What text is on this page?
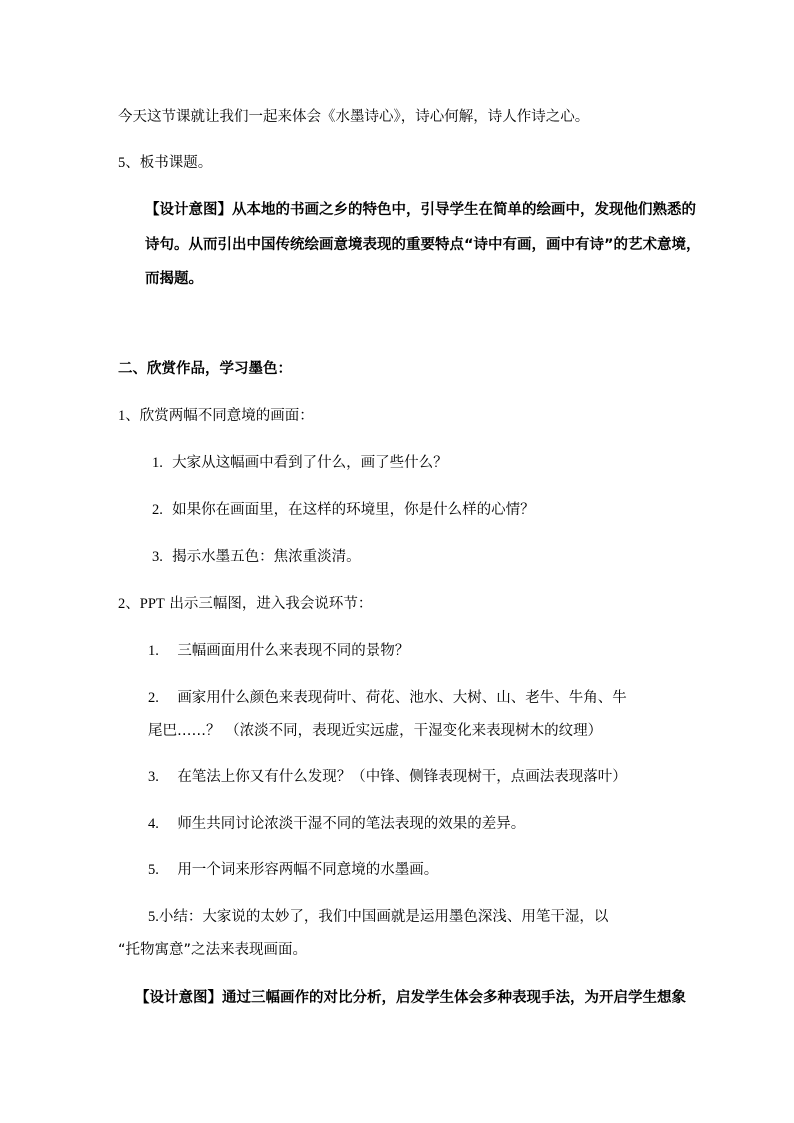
今天这节课就让我们一起来体会《水墨诗心》，诗心何解，诗人作诗之心。
5、板书课题。
【设计意图】从本地的书画之乡的特色中，引导学生在简单的绘画中，发现他们熟悉的
诗句。从而引出中国传统绘画意境表现的重要特点“诗中有画，画中有诗”的艺术意境，
而揭题。
二、欣赏作品，学习墨色：
1、欣赏两幅不同意境的画面：
1. 大家从这幅画中看到了什么，画了些什么？
2. 如果你在画面里，在这样的环境里，你是什么样的心情？
3. 揭示水墨五色：焦浓重淡清。
2、PPT 出示三幅图，进入我会说环节：
1. 三幅画面用什么来表现不同的景物？
2. 画家用什么颜色来表现荷叶、荷花、池水、大树、山、老牛、牛角、牛
尾巴……？ （浓淡不同，表现近实远虚，干湿变化来表现树木的纹理）
3. 在笔法上你又有什么发现？（中锋、侧锋表现树干，点画法表现落叶）
4. 师生共同讨论浓淡干湿不同的笔法表现的效果的差异。
5. 用一个词来形容两幅不同意境的水墨画。
5.小结：大家说的太妙了，我们中国画就是运用墨色深浅、用笔干湿，以
“托物寓意”之法来表现画面。
【设计意图】通过三幅画作的对比分析，启发学生体会多种表现手法，为开启学生想象
